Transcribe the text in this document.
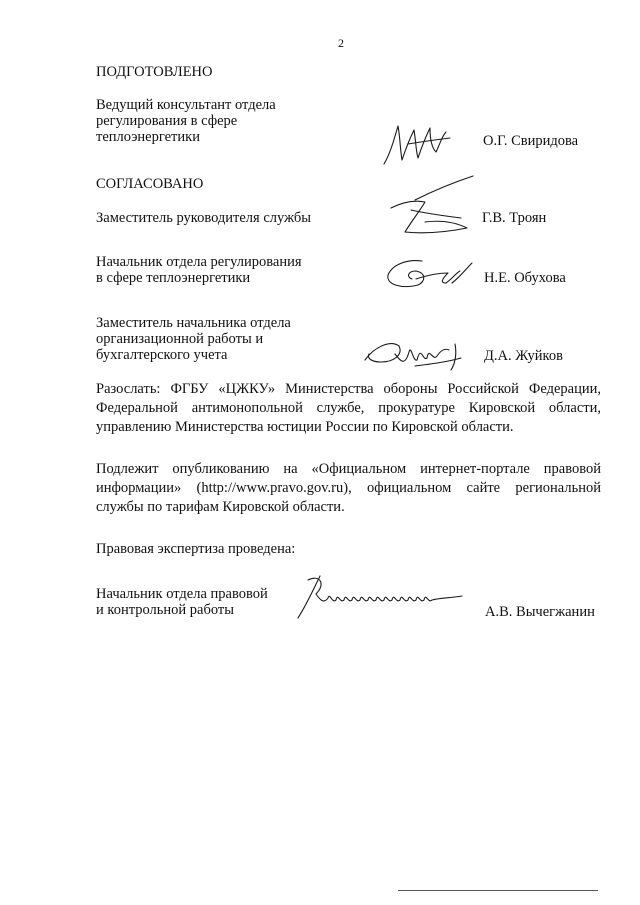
2
ПОДГОТОВЛЕНО
Ведущий консультант отдела
регулирования в сфере
теплоэнергетики	О.Г. Свиридова
СОГЛАСОВАНО
Заместитель руководителя службы	Г.В. Троян
Начальник отдела регулирования
в сфере теплоэнергетики	Н.Е. Обухова
Заместитель начальника отдела
организационной работы и
бухгалтерского учета	Д.А. Жуйков
Разослать: ФГБУ «ЦЖКУ» Министерства обороны Российской Федерации, Федеральной антимонопольной службе, прокуратуре Кировской области, управлению Министерства юстиции России по Кировской области.
Подлежит опубликованию на «Официальном интернет-портале правовой информации» (http://www.pravo.gov.ru), официальном сайте региональной службы по тарифам Кировской области.
Правовая экспертиза проведена:
Начальник отдела правовой
и контрольной работы	А.В. Вычегжанин
